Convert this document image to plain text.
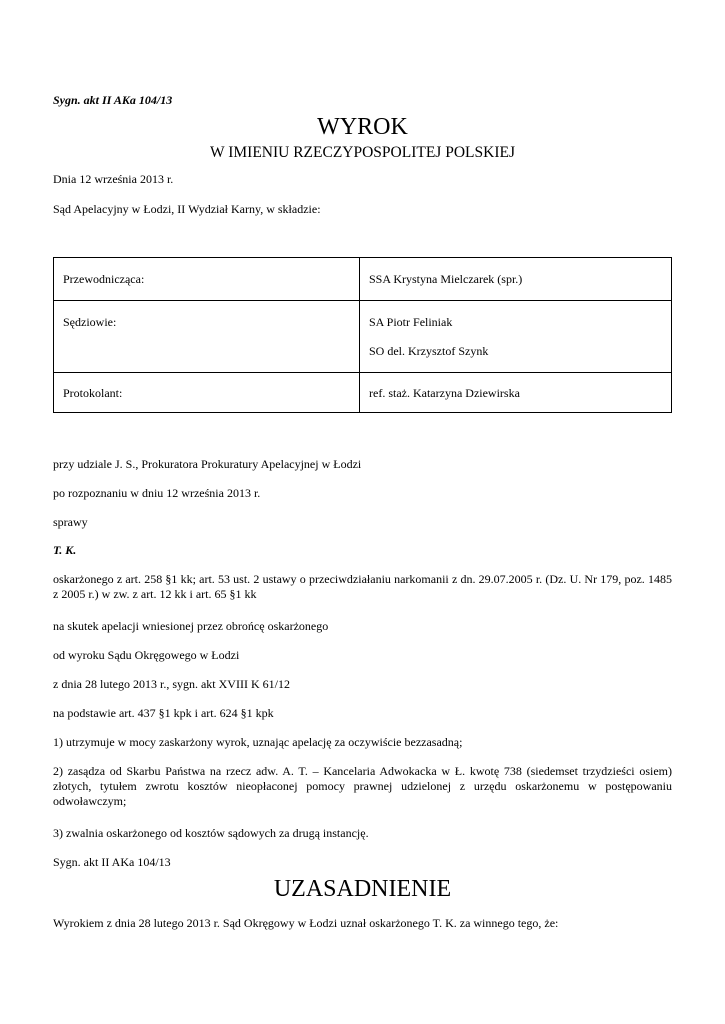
Sygn. akt II AKa 104/13
WYROK
W IMIENIU RZECZYPOSPOLITEJ POLSKIEJ
Dnia 12 września 2013 r.
Sąd Apelacyjny w Łodzi, II Wydział Karny, w składzie:
Przewodnicząca:	SSA Krystyna Mielczarek (spr.)
Sędziowie:	SA Piotr Feliniak
SO del. Krzysztof Szynk
Protokolant:	ref. staż. Katarzyna Dziewirska
przy udziale J. S., Prokuratora Prokuratury Apelacyjnej w Łodzi
po rozpoznaniu w dniu 12 września 2013 r.
sprawy
T. K.
oskarżonego z art. 258 §1 kk; art. 53 ust. 2 ustawy o przeciwdziałaniu narkomanii z dn. 29.07.2005 r. (Dz. U. Nr 179, poz. 1485 z 2005 r.) w zw. z art. 12 kk i art. 65 §1 kk
na skutek apelacji wniesionej przez obrońcę oskarżonego
od wyroku Sądu Okręgowego w Łodzi
z dnia 28 lutego 2013 r., sygn. akt XVIII K 61/12
na podstawie art. 437 §1 kpk i art. 624 §1 kpk
1) utrzymuje w mocy zaskarżony wyrok, uznając apelację za oczywiście bezzasadną;
2) zasądza od Skarbu Państwa na rzecz adw. A. T. – Kancelaria Adwokacka w Ł. kwotę 738 (siedemset trzydzieści osiem) złotych, tytułem zwrotu kosztów nieopłaconej pomocy prawnej udzielonej z urzędu oskarżonemu w postępowaniu odwoławczym;
3) zwalnia oskarżonego od kosztów sądowych za drugą instancję.
Sygn. akt II AKa 104/13
UZASADNIENIE
Wyrokiem z dnia 28 lutego 2013 r. Sąd Okręgowy w Łodzi uznał oskarżonego T. K. za winnego tego, że:
